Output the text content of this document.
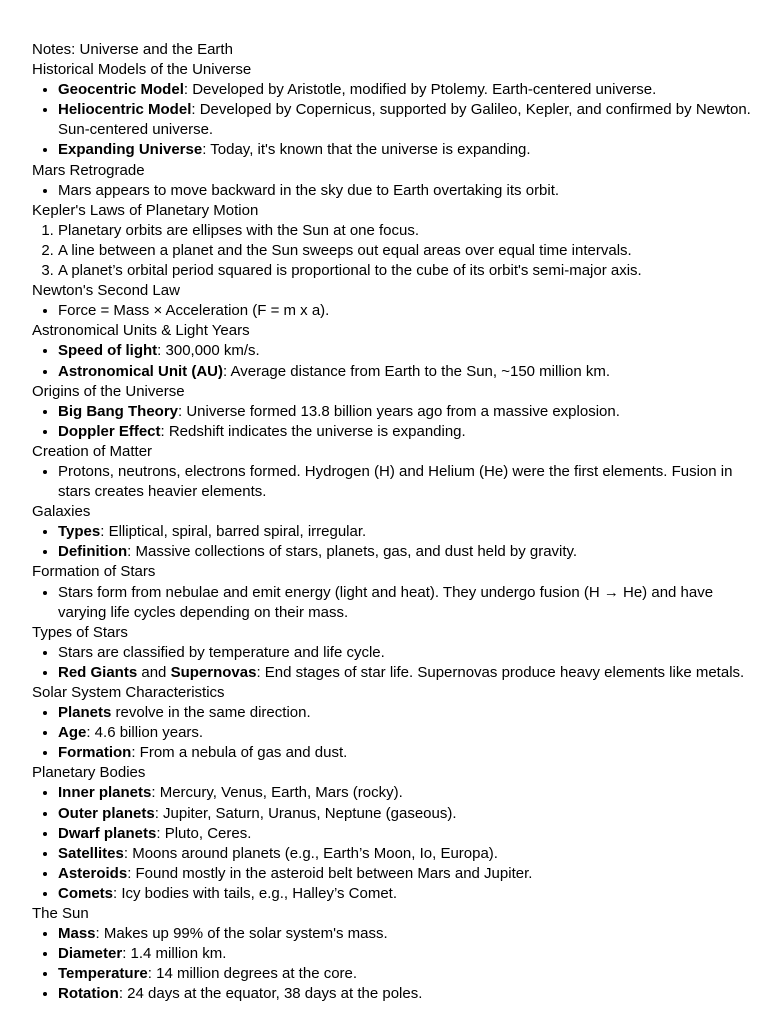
Notes: Universe and the Earth
Historical Models of the Universe
• Geocentric Model: Developed by Aristotle, modified by Ptolemy. Earth-centered universe.
• Heliocentric Model: Developed by Copernicus, supported by Galileo, Kepler, and confirmed by Newton. Sun-centered universe.
• Expanding Universe: Today, it's known that the universe is expanding.
Mars Retrograde
• Mars appears to move backward in the sky due to Earth overtaking its orbit.
Kepler's Laws of Planetary Motion
1. Planetary orbits are ellipses with the Sun at one focus.
2. A line between a planet and the Sun sweeps out equal areas over equal time intervals.
3. A planet’s orbital period squared is proportional to the cube of its orbit's semi-major axis.
Newton's Second Law
• Force = Mass × Acceleration (F = m x a).
Astronomical Units & Light Years
• Speed of light: 300,000 km/s.
• Astronomical Unit (AU): Average distance from Earth to the Sun, ~150 million km.
Origins of the Universe
• Big Bang Theory: Universe formed 13.8 billion years ago from a massive explosion.
• Doppler Effect: Redshift indicates the universe is expanding.
Creation of Matter
• Protons, neutrons, electrons formed. Hydrogen (H) and Helium (He) were the first elements. Fusion in stars creates heavier elements.
Galaxies
• Types: Elliptical, spiral, barred spiral, irregular.
• Definition: Massive collections of stars, planets, gas, and dust held by gravity.
Formation of Stars
• Stars form from nebulae and emit energy (light and heat). They undergo fusion (H → He) and have varying life cycles depending on their mass.
Types of Stars
• Stars are classified by temperature and life cycle.
• Red Giants and Supernovas: End stages of star life. Supernovas produce heavy elements like metals.
Solar System Characteristics
• Planets revolve in the same direction.
• Age: 4.6 billion years.
• Formation: From a nebula of gas and dust.
Planetary Bodies
• Inner planets: Mercury, Venus, Earth, Mars (rocky).
• Outer planets: Jupiter, Saturn, Uranus, Neptune (gaseous).
• Dwarf planets: Pluto, Ceres.
• Satellites: Moons around planets (e.g., Earth’s Moon, Io, Europa).
• Asteroids: Found mostly in the asteroid belt between Mars and Jupiter.
• Comets: Icy bodies with tails, e.g., Halley’s Comet.
The Sun
• Mass: Makes up 99% of the solar system's mass.
• Diameter: 1.4 million km.
• Temperature: 14 million degrees at the core.
• Rotation: 24 days at the equator, 38 days at the poles.
